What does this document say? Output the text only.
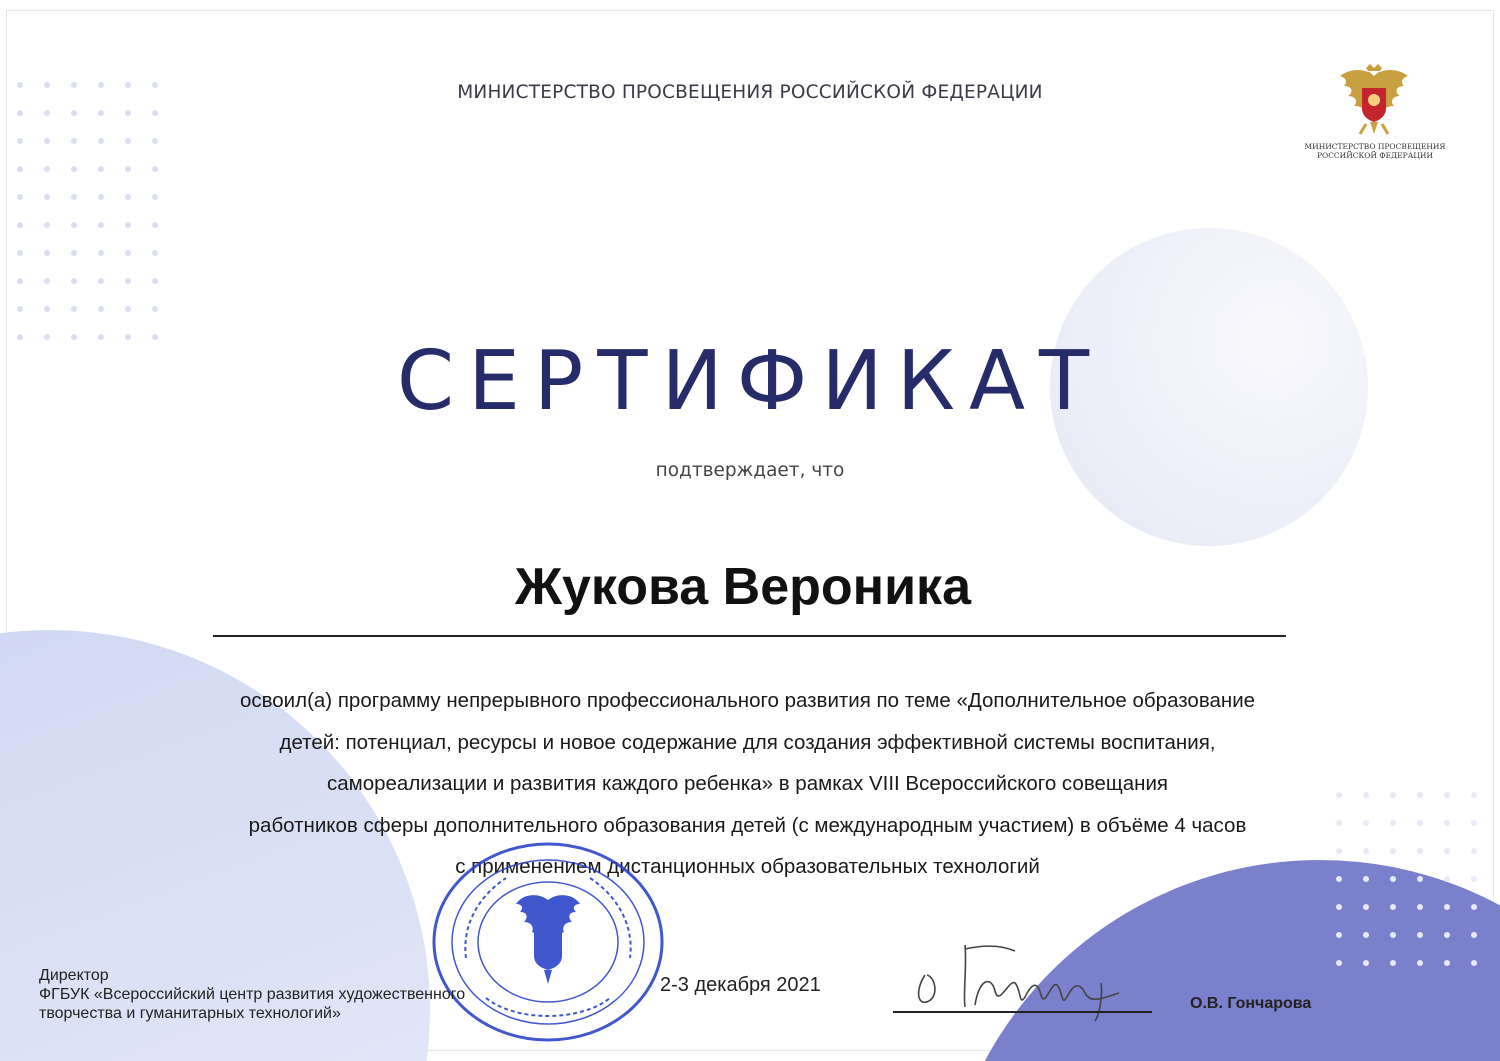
МИНИСТЕРСТВО ПРОСВЕЩЕНИЯ РОССИЙСКОЙ ФЕДЕРАЦИИ
МИНИСТЕРСТВО ПРОСВЕЩЕНИЯ
РОССИЙСКОЙ ФЕДЕРАЦИИ
СЕРТИФИКАТ
подтверждает, что
Жукова Вероника
освоил(а) программу непрерывного профессионального развития по теме «Дополнительное образование
детей: потенциал, ресурсы и новое содержание для создания эффективной системы воспитания,
самореализации и развития каждого ребенка» в рамках VIII Всероссийского совещания
работников сферы дополнительного образования детей (с международным участием) в объёме 4 часов
с применением дистанционных образовательных технологий
Директор
ФГБУК «Всероссийский центр развития художественного
творчества и гуманитарных технологий»
2-3 декабря 2021
О.В. Гончарова
